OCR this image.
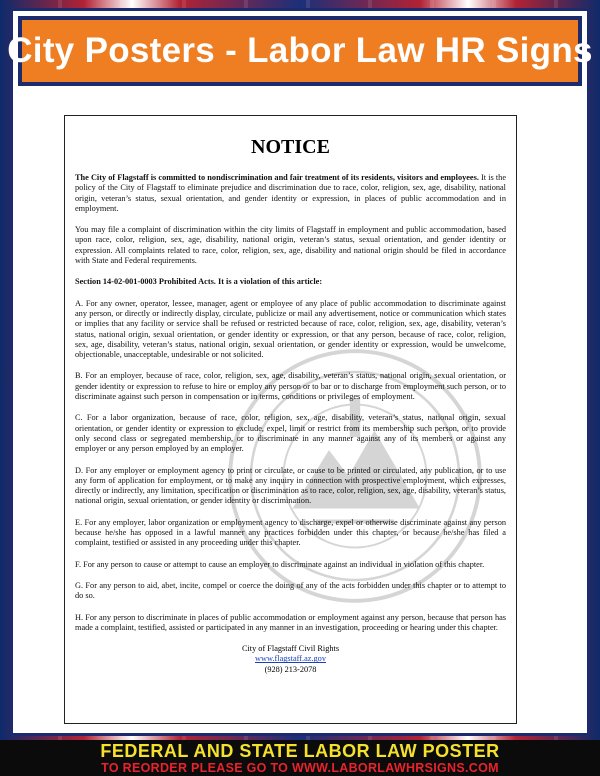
City Posters - Labor Law HR Signs
NOTICE

The City of Flagstaff is committed to nondiscrimination and fair treatment of its residents, visitors and employees. It is the policy of the City of Flagstaff to eliminate prejudice and discrimination due to race, color, religion, sex, age, disability, national origin, veteran’s status, sexual orientation, and gender identity or expression, in places of public accommodation and in employment.

You may file a complaint of discrimination within the city limits of Flagstaff in employment and public accommodation, based upon race, color, religion, sex, age, disability, national origin, veteran’s status, sexual orientation, and gender identity or expression. All complaints related to race, color, religion, sex, age, disability and national origin should be filed in accordance with State and Federal requirements.

Section 14-02-001-0003 Prohibited Acts. It is a violation of this article:

A. For any owner, operator, lessee, manager, agent or employee of any place of public accommodation to discriminate against any person, or directly or indirectly display, circulate, publicize or mail any advertisement, notice or communication which states or implies that any facility or service shall be refused or restricted because of race, color, religion, sex, age, disability, veteran’s status, national origin, sexual orientation, or gender identity or expression, or that any person, because of race, color, religion, sex, age, disability, veteran’s status, national origin, sexual orientation, or gender identity or expression, would be unwelcome, objectionable, unacceptable, undesirable or not solicited.

B. For an employer, because of race, color, religion, sex, age, disability, veteran’s status, national origin, sexual orientation, or gender identity or expression to refuse to hire or employ any person or to bar or to discharge from employment such person, or to discriminate against such person in compensation or in terms, conditions or privileges of employment.

C. For a labor organization, because of race, color, religion, sex, age, disability, veteran’s status, national origin, sexual orientation, or gender identity or expression to exclude, expel, limit or restrict from its membership such person, or to provide only second class or segregated membership, or to discriminate in any manner against any of its members or against any employer or any person employed by an employer.

D. For any employer or employment agency to print or circulate, or cause to be printed or circulated, any publication, or to use any form of application for employment, or to make any inquiry in connection with prospective employment, which expresses, directly or indirectly, any limitation, specification or discrimination as to race, color, religion, sex, age, disability, veteran’s status, national origin, sexual orientation, or gender identity or discrimination.

E. For any employer, labor organization or employment agency to discharge, expel or otherwise discriminate against any person because he/she has opposed in a lawful manner any practices forbidden under this chapter, or because he/she has filed a complaint, testified or assisted in any proceeding under this chapter.

F. For any person to cause or attempt to cause an employer to discriminate against an individual in violation of this chapter.

G. For any person to aid, abet, incite, compel or coerce the doing of any of the acts forbidden under this chapter or to attempt to do so.

H. For any person to discriminate in places of public accommodation or employment against any person, because that person has made a complaint, testified, assisted or participated in any manner in an investigation, proceeding or hearing under this chapter.

City of Flagstaff Civil Rights
www.flagstaff.az.gov
(928) 213-2078
FEDERAL AND STATE LABOR LAW POSTER
TO REORDER PLEASE GO TO WWW.LABORLAWHRSIGNS.COM
